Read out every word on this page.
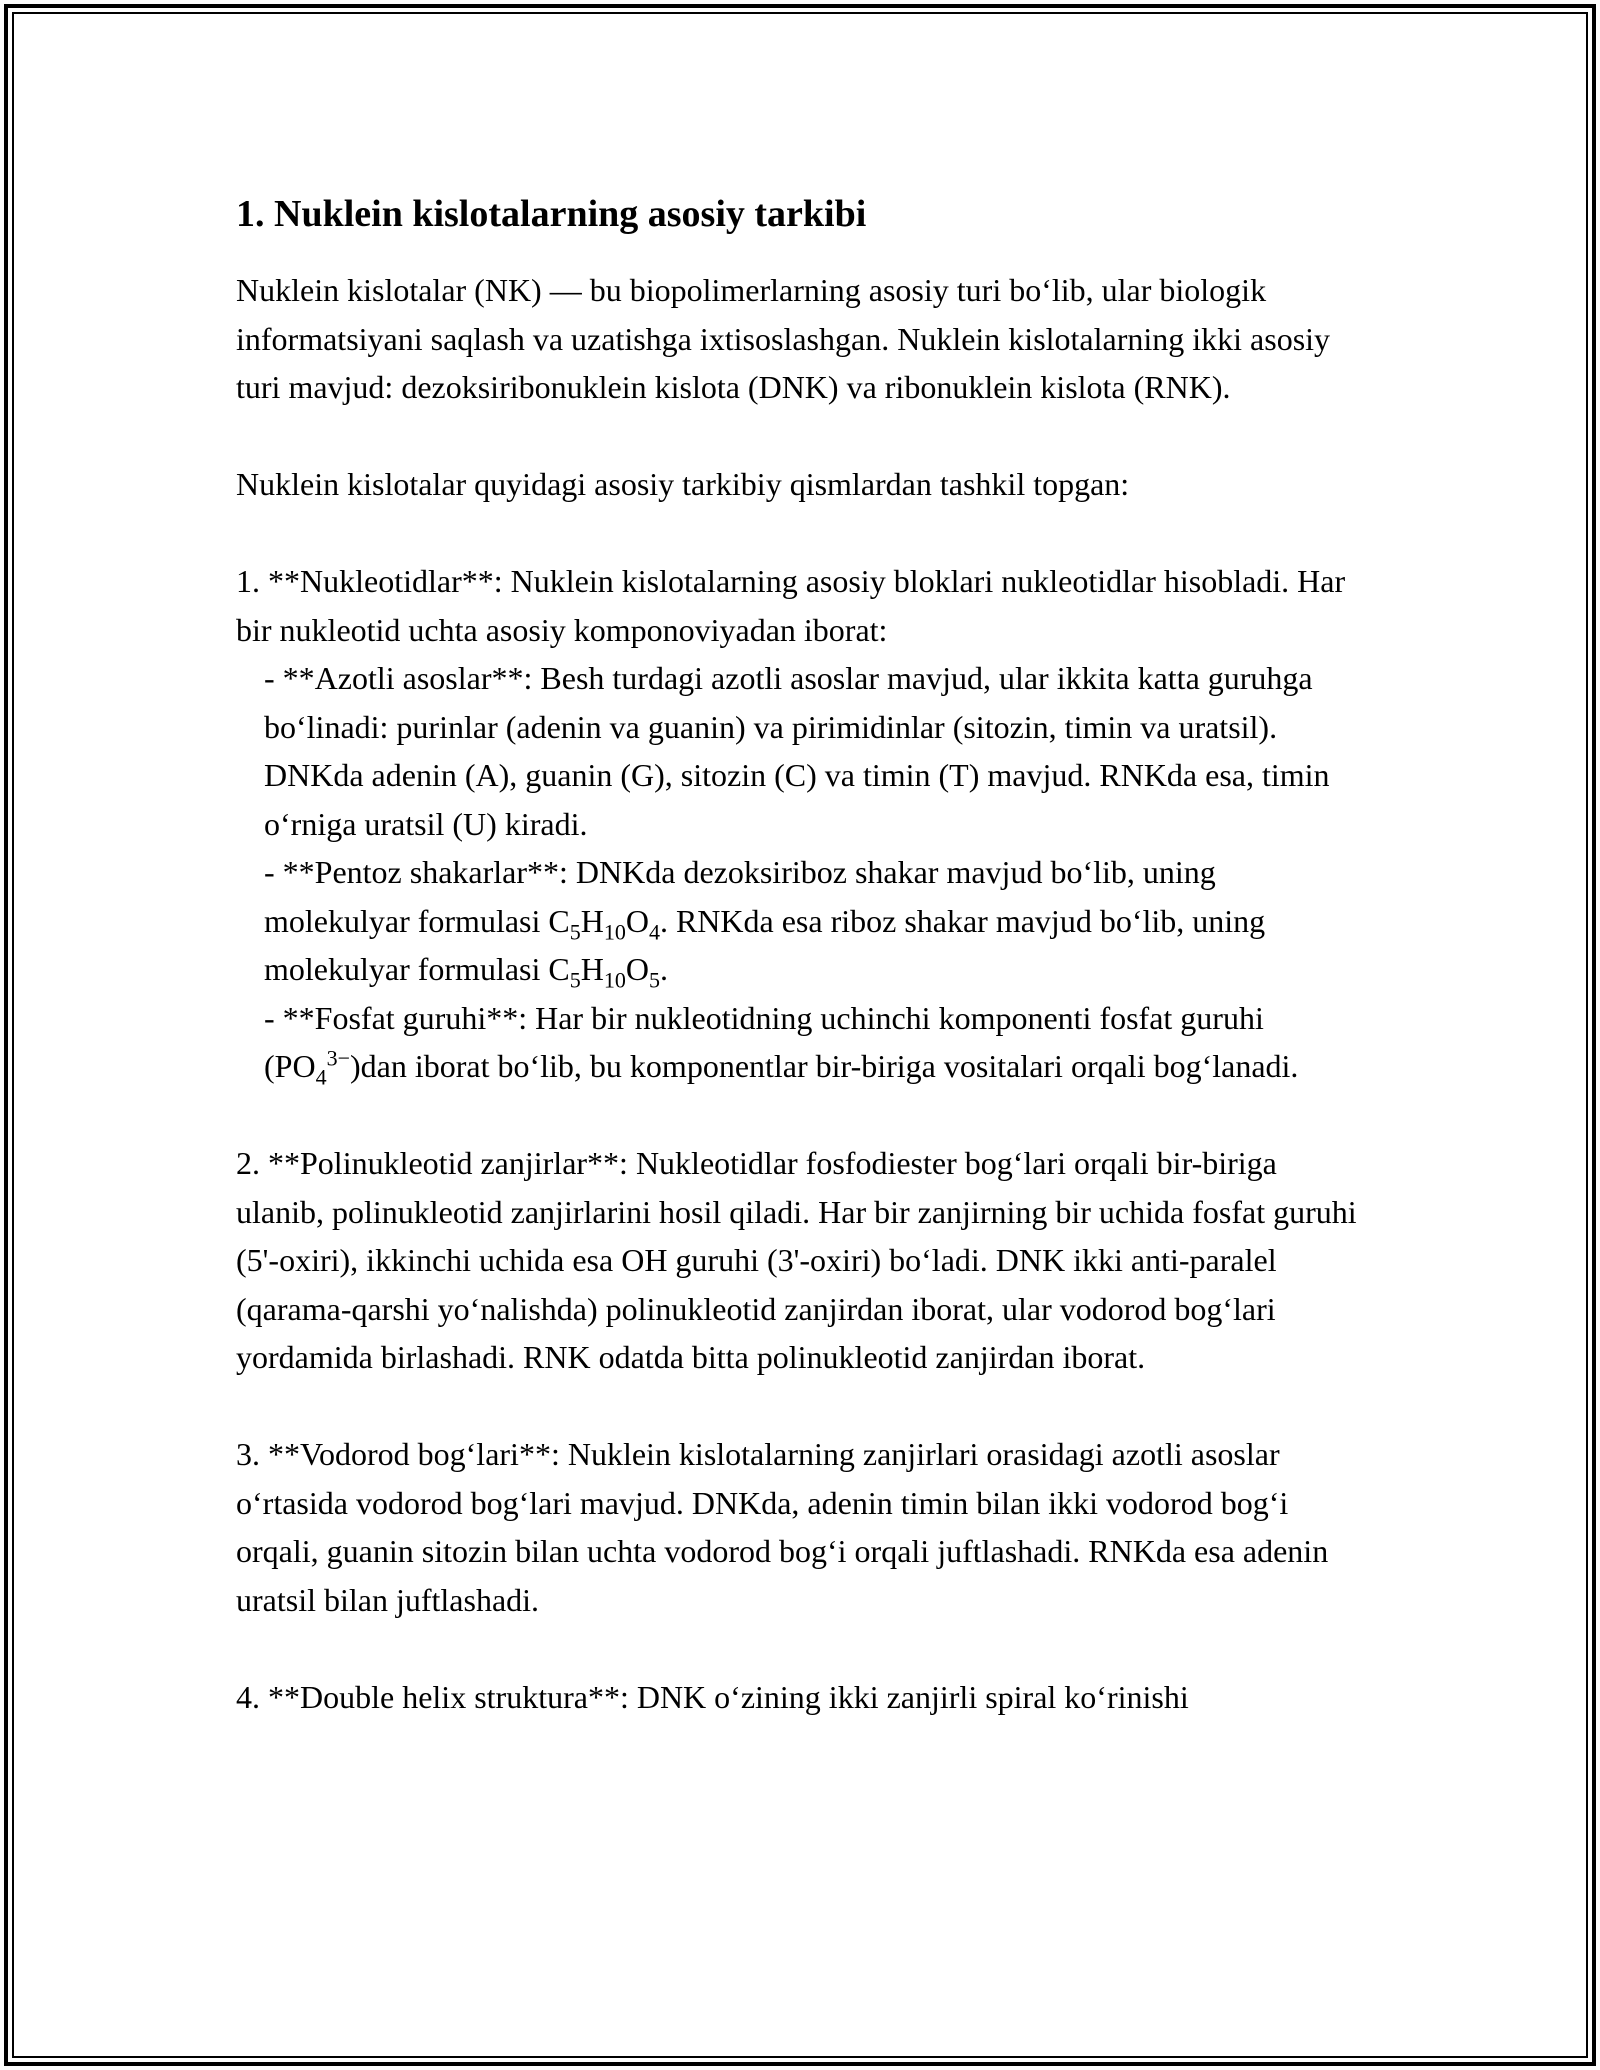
1. Nuklein kislotalarning asosiy tarkibi

Nuklein kislotalar (NK) — bu biopolimerlarning asosiy turi bo‘lib, ular biologik informatsiyani saqlash va uzatishga ixtisoslashgan. Nuklein kislotalarning ikki asosiy turi mavjud: dezoksiribonuklein kislota (DNK) va ribonuklein kislota (RNK).

Nuklein kislotalar quyidagi asosiy tarkibiy qismlardan tashkil topgan:

1. **Nukleotidlar**: Nuklein kislotalarning asosiy bloklari nukleotidlar hisobladi. Har bir nukleotid uchta asosiy komponoviyadan iborat:

- **Azotli asoslar**: Besh turdagi azotli asoslar mavjud, ular ikkita katta guruhga bo‘linadi: purinlar (adenin va guanin) va pirimidinlar (sitozin, timin va uratsil). DNKda adenin (A), guanin (G), sitozin (C) va timin (T) mavjud. RNKda esa, timin o‘rniga uratsil (U) kiradi.

- **Pentoz shakarlar**: DNKda dezoksiriboz shakar mavjud bo‘lib, uning molekulyar formulasi $C_5H_{10}O_4$. RNKda esa riboz shakar mavjud bo‘lib, uning molekulyar formulasi $C_5H_{10}O_5$.

- **Fosfat guruhi**: Har bir nukleotidning uchinchi komponenti fosfat guruhi $(PO_4^{3-})dan$ iborat bo‘lib, bu komponentlar bir-biriga vositalari orqali bog‘lanadi.

2. **Polinukleotid zanjirlar**: Nukleotidlar fosfodiester bog‘lari orqali bir-biriga ulanib, polinukleotid zanjirlarini hosil qiladi. Har bir zanjirning bir uchida fosfat guruhi (5'-oxiri), ikkinchi uchida esa OH guruhi (3'-oxiri) bo‘ladi. DNK ikki anti-paralel (qarama-qarshi yo‘nalishda) polinukleotid zanjirdan iborat, ular vodorod bog‘lari yordamida birlashadi. RNK odatda bitta polinukleotid zanjirdan iborat.

3. **Vodorod bog‘lari**: Nuklein kislotalarning zanjirlari orasidagi azotli asoslar o‘rtasida vodorod bog‘lari mavjud. DNKda, adenin timin bilan ikki vodorod bog‘i orqali, guanin sitozin bilan uchta vodorod bog‘i orqali juftlashadi. RNKda esa adenin uratsil bilan juftlashadi.

4. **Double helix struktura**: DNK o‘zining ikki zanjirli spiral ko‘rinishi
